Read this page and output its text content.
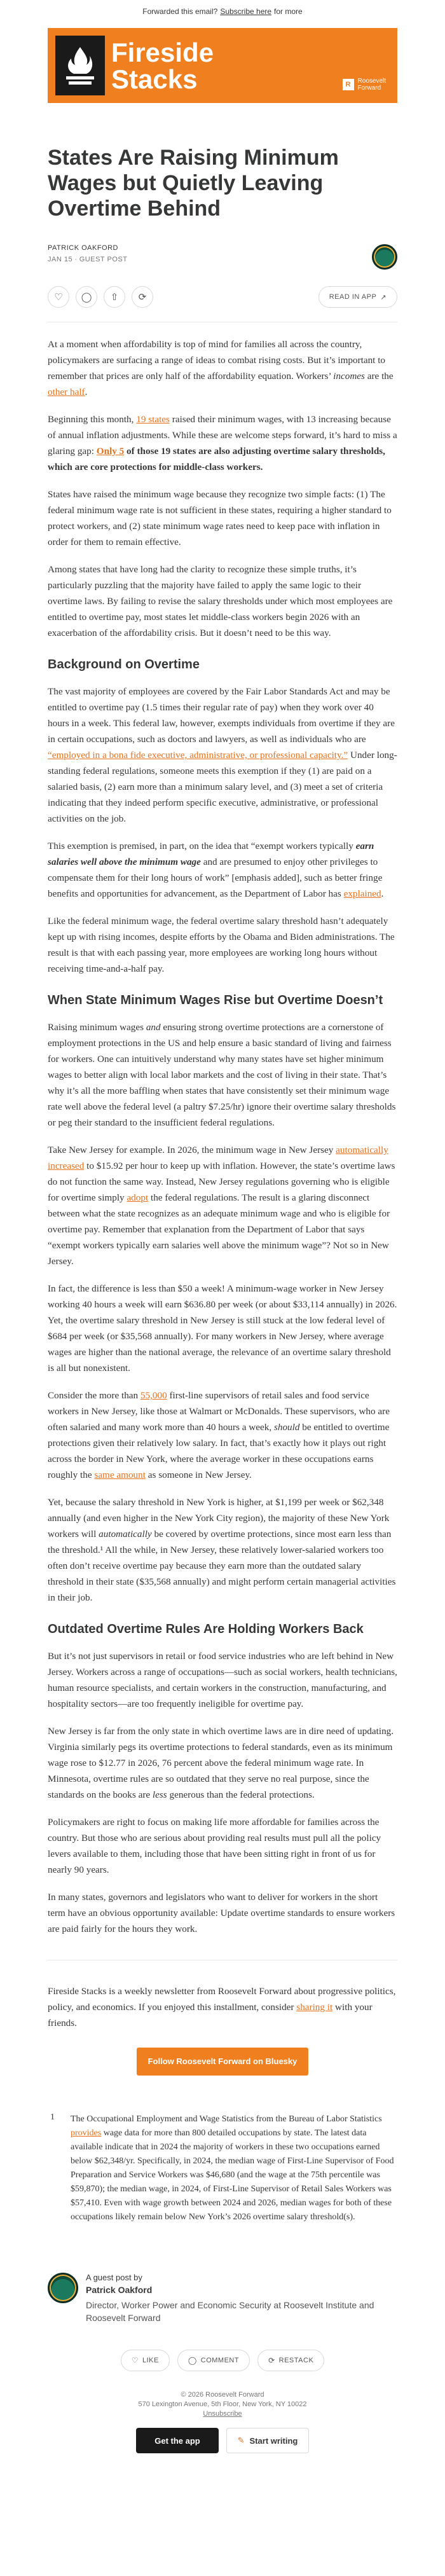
Forwarded this email? Subscribe here for more
Fireside
Stacks	R	Roosevelt
Forward
States Are Raising Minimum Wages but Quietly Leaving Overtime Behind
PATRICK OAKFORD
JAN 15 ∙ GUEST POST
♡ ◯ ⇧ ⟳	READ IN APP ↗

At a moment when affordability is top of mind for families all across the country, policymakers are surfacing a range of ideas to combat rising costs. But it’s important to remember that prices are only half of the affordability equation. Workers’ incomes are the other half.

Beginning this month, 19 states raised their minimum wages, with 13 increasing because of annual inflation adjustments. While these are welcome steps forward, it’s hard to miss a glaring gap: Only 5 of those 19 states are also adjusting overtime salary thresholds, which are core protections for middle-class workers.

States have raised the minimum wage because they recognize two simple facts: (1) The federal minimum wage rate is not sufficient in these states, requiring a higher standard to protect workers, and (2) state minimum wage rates need to keep pace with inflation in order for them to remain effective.

Among states that have long had the clarity to recognize these simple truths, it’s particularly puzzling that the majority have failed to apply the same logic to their overtime laws. By failing to revise the salary thresholds under which most employees are entitled to overtime pay, most states let middle-class workers begin 2026 with an exacerbation of the affordability crisis. But it doesn’t need to be this way.

Background on Overtime

The vast majority of employees are covered by the Fair Labor Standards Act and may be entitled to overtime pay (1.5 times their regular rate of pay) when they work over 40 hours in a week. This federal law, however, exempts individuals from overtime if they are in certain occupations, such as doctors and lawyers, as well as individuals who are “employed in a bona fide executive, administrative, or professional capacity.” Under long-standing federal regulations, someone meets this exemption if they (1) are paid on a salaried basis, (2) earn more than a minimum salary level, and (3) meet a set of criteria indicating that they indeed perform specific executive, administrative, or professional activities on the job.

This exemption is premised, in part, on the idea that “exempt workers typically earn salaries well above the minimum wage and are presumed to enjoy other privileges to compensate them for their long hours of work” [emphasis added], such as better fringe benefits and opportunities for advancement, as the Department of Labor has explained.

Like the federal minimum wage, the federal overtime salary threshold hasn’t adequately kept up with rising incomes, despite efforts by the Obama and Biden administrations. The result is that with each passing year, more employees are working long hours without receiving time-and-a-half pay.

When State Minimum Wages Rise but Overtime Doesn’t

Raising minimum wages and ensuring strong overtime protections are a cornerstone of employment protections in the US and help ensure a basic standard of living and fairness for workers. One can intuitively understand why many states have set higher minimum wages to better align with local labor markets and the cost of living in their state. That’s why it’s all the more baffling when states that have consistently set their minimum wage rate well above the federal level (a paltry $7.25/hr) ignore their overtime salary thresholds or peg their standard to the insufficient federal regulations.

Take New Jersey for example. In 2026, the minimum wage in New Jersey automatically increased to $15.92 per hour to keep up with inflation. However, the state’s overtime laws do not function the same way. Instead, New Jersey regulations governing who is eligible for overtime simply adopt the federal regulations. The result is a glaring disconnect between what the state recognizes as an adequate minimum wage and who is eligible for overtime pay. Remember that explanation from the Department of Labor that says “exempt workers typically earn salaries well above the minimum wage”? Not so in New Jersey.

In fact, the difference is less than $50 a week! A minimum-wage worker in New Jersey working 40 hours a week will earn $636.80 per week (or about $33,114 annually) in 2026. Yet, the overtime salary threshold in New Jersey is still stuck at the low federal level of $684 per week (or $35,568 annually). For many workers in New Jersey, where average wages are higher than the national average, the relevance of an overtime salary threshold is all but nonexistent.

Consider the more than 55,000 first-line supervisors of retail sales and food service workers in New Jersey, like those at Walmart or McDonalds. These supervisors, who are often salaried and many work more than 40 hours a week, should be entitled to overtime protections given their relatively low salary. In fact, that’s exactly how it plays out right across the border in New York, where the average worker in these occupations earns roughly the same amount as someone in New Jersey.

Yet, because the salary threshold in New York is higher, at $1,199 per week or $62,348 annually (and even higher in the New York City region), the majority of these New York workers will automatically be covered by overtime protections, since most earn less than the threshold.¹ All the while, in New Jersey, these relatively lower-salaried workers too often don’t receive overtime pay because they earn more than the outdated salary threshold in their state ($35,568 annually) and might perform certain managerial activities in their job.

Outdated Overtime Rules Are Holding Workers Back

But it’s not just supervisors in retail or food service industries who are left behind in New Jersey. Workers across a range of occupations—such as social workers, health technicians, human resource specialists, and certain workers in the construction, manufacturing, and hospitality sectors—are too frequently ineligible for overtime pay.

New Jersey is far from the only state in which overtime laws are in dire need of updating. Virginia similarly pegs its overtime protections to federal standards, even as its minimum wage rose to $12.77 in 2026, 76 percent above the federal minimum wage rate. In Minnesota, overtime rules are so outdated that they serve no real purpose, since the standards on the books are less generous than the federal protections.

Policymakers are right to focus on making life more affordable for families across the country. But those who are serious about providing real results must pull all the policy levers available to them, including those that have been sitting right in front of us for nearly 90 years.

In many states, governors and legislators who want to deliver for workers in the short term have an obvious opportunity available: Update overtime standards to ensure workers are paid fairly for the hours they work.

Fireside Stacks is a weekly newsletter from Roosevelt Forward about progressive politics, policy, and economics. If you enjoyed this installment, consider sharing it with your friends.

Follow Roosevelt Forward on Bluesky
1	The Occupational Employment and Wage Statistics from the Bureau of Labor Statistics provides wage data for more than 800 detailed occupations by state. The latest data available indicate that in 2024 the majority of workers in these two occupations earned below $62,348/yr. Specifically, in 2024, the median wage of First-Line Supervisor of Food Preparation and Service Workers was $46,680 (and the wage at the 75th percentile was $59,870); the median wage, in 2024, of First-Line Supervisor of Retail Sales Workers was $57,410. Even with wage growth between 2024 and 2026, median wages for both of these occupations likely remain below New York’s 2026 overtime salary threshold(s).
A guest post by
Patrick Oakford
Director, Worker Power and Economic Security at Roosevelt Institute and Roosevelt Forward
♡ LIKE	◯ COMMENT	⟳ RESTACK
© 2026 Roosevelt Forward
570 Lexington Avenue, 5th Floor, New York, NY 10022
Unsubscribe
Get the app	✎ Start writing
